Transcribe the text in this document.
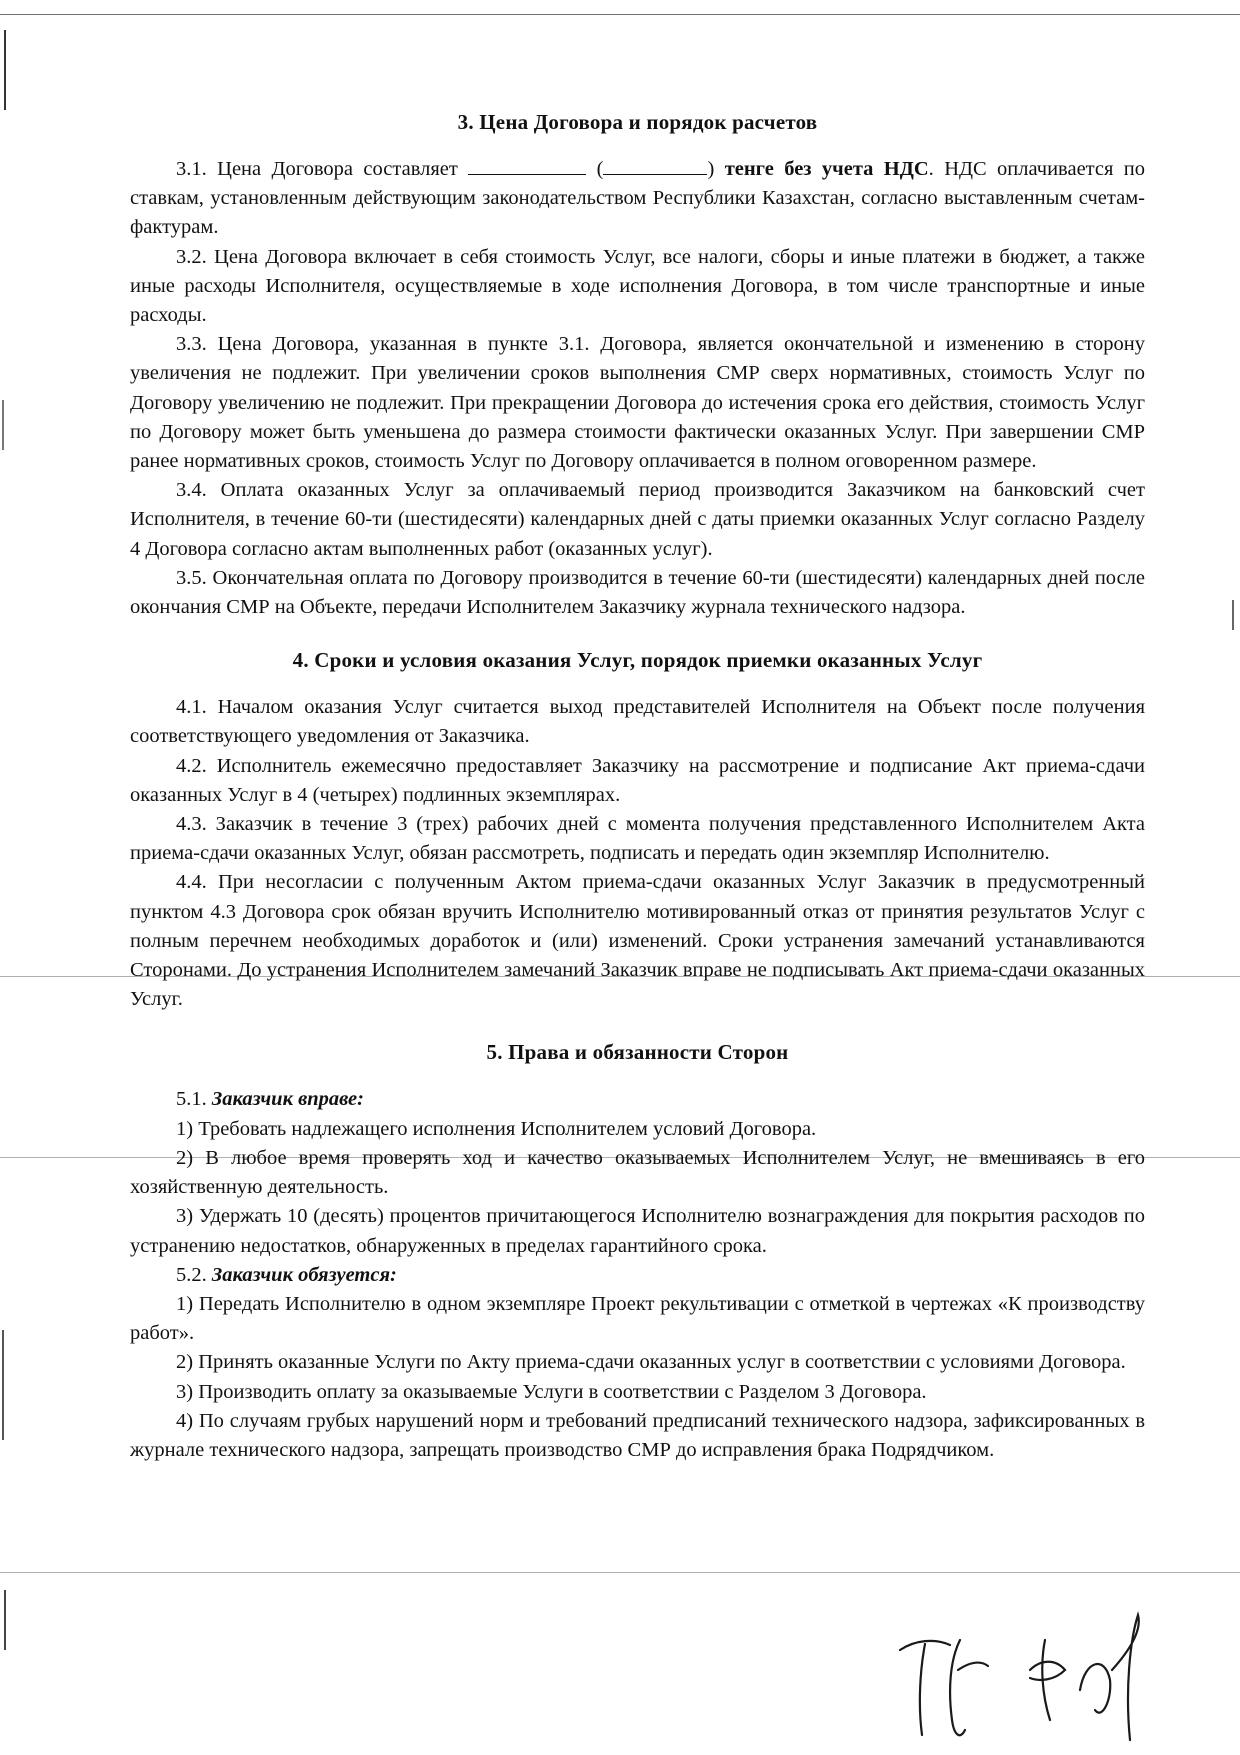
3. Цена Договора и порядок расчетов

3.1. Цена Договора составляет	(	) тенге без учета НДС. НДС оплачивается по ставкам, установленным действующим законодательством Республики Казахстан, согласно выставленным счетам-фактурам.

3.2. Цена Договора включает в себя стоимость Услуг, все налоги, сборы и иные платежи в бюджет, а также иные расходы Исполнителя, осуществляемые в ходе исполнения Договора, в том числе транспортные и иные расходы.

3.3. Цена Договора, указанная в пункте 3.1. Договора, является окончательной и изменению в сторону увеличения не подлежит. При увеличении сроков выполнения СМР сверх нормативных, стоимость Услуг по Договору увеличению не подлежит. При прекращении Договора до истечения срока его действия, стоимость Услуг по Договору может быть уменьшена до размера стоимости фактически оказанных Услуг. При завершении СМР ранее нормативных сроков, стоимость Услуг по Договору оплачивается в полном оговоренном размере.

3.4. Оплата оказанных Услуг за оплачиваемый период производится Заказчиком на банковский счет Исполнителя, в течение 60-ти (шестидесяти) календарных дней с даты приемки оказанных Услуг согласно Разделу 4 Договора согласно актам выполненных работ (оказанных услуг).

3.5. Окончательная оплата по Договору производится в течение 60-ти (шестидесяти) календарных дней после окончания СМР на Объекте, передачи Исполнителем Заказчику журнала технического надзора.

4. Сроки и условия оказания Услуг, порядок приемки оказанных Услуг

4.1. Началом оказания Услуг считается выход представителей Исполнителя на Объект после получения соответствующего уведомления от Заказчика.

4.2. Исполнитель ежемесячно предоставляет Заказчику на рассмотрение и подписание Акт приема-сдачи оказанных Услуг в 4 (четырех) подлинных экземплярах.

4.3. Заказчик в течение 3 (трех) рабочих дней с момента получения представленного Исполнителем Акта приема-сдачи оказанных Услуг, обязан рассмотреть, подписать и передать один экземпляр Исполнителю.

4.4. При несогласии с полученным Актом приема-сдачи оказанных Услуг Заказчик в предусмотренный пунктом 4.3 Договора срок обязан вручить Исполнителю мотивированный отказ от принятия результатов Услуг с полным перечнем необходимых доработок и (или) изменений. Сроки устранения замечаний устанавливаются Сторонами. До устранения Исполнителем замечаний Заказчик вправе не подписывать Акт приема-сдачи оказанных Услуг.

5. Права и обязанности Сторон

5.1. Заказчик вправе:

1) Требовать надлежащего исполнения Исполнителем условий Договора.

2) В любое время проверять ход и качество оказываемых Исполнителем Услуг, не вмешиваясь в его хозяйственную деятельность.

3) Удержать 10 (десять) процентов причитающегося Исполнителю вознаграждения для покрытия расходов по устранению недостатков, обнаруженных в пределах гарантийного срока.

5.2. Заказчик обязуется:

1) Передать Исполнителю в одном экземпляре Проект рекультивации с отметкой в чертежах «К производству работ».

2) Принять оказанные Услуги по Акту приема-сдачи оказанных услуг в соответствии с условиями Договора.

3) Производить оплату за оказываемые Услуги в соответствии с Разделом 3 Договора.

4) По случаям грубых нарушений норм и требований предписаний технического надзора, зафиксированных в журнале технического надзора, запрещать производство СМР до исправления брака Подрядчиком.
